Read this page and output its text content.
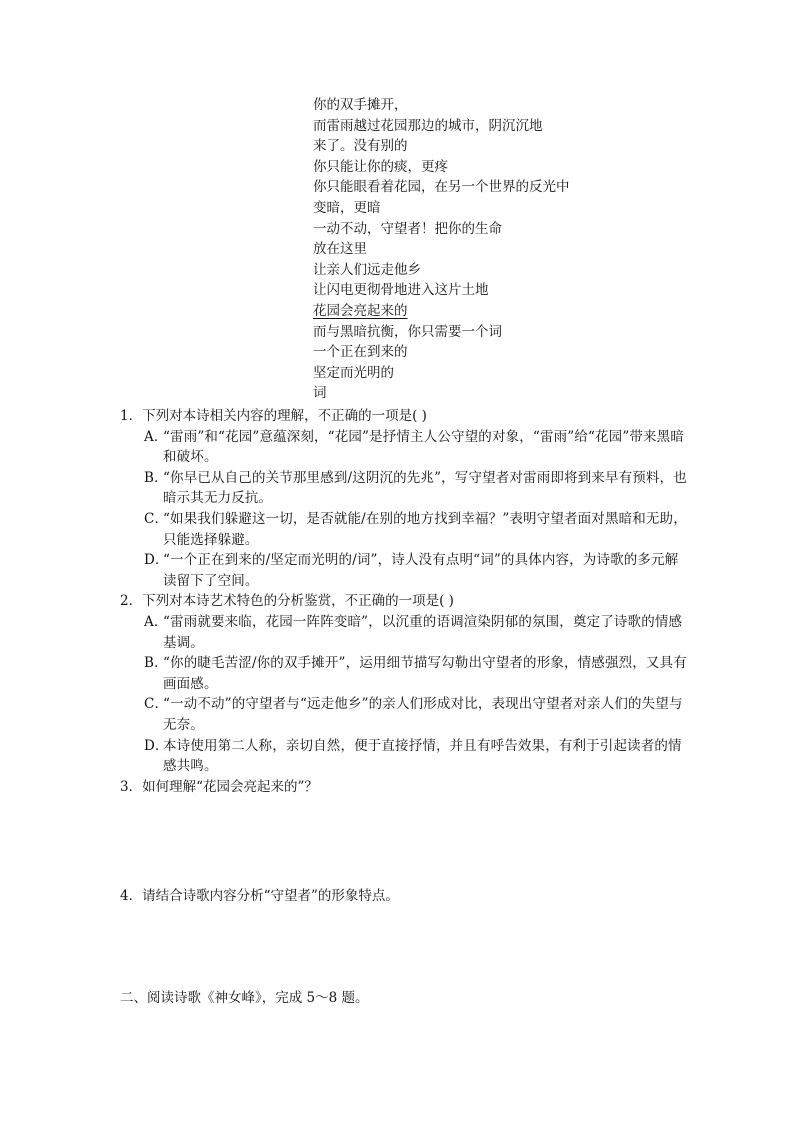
你的双手摊开，
而雷雨越过花园那边的城市，阴沉沉地
来了。没有别的
你只能让你的痰，更疼
你只能眼看着花园，在另一个世界的反光中
变暗，更暗
一动不动，守望者！把你的生命
放在这里
让亲人们远走他乡
让闪电更彻骨地进入这片土地
花园会亮起来的
而与黑暗抗衡，你只需要一个词
一个正在到来的
坚定而光明的
词
1．下列对本诗相关内容的理解，不正确的一项是( )
A．“雷雨”和“花园”意蕴深刻，“花园”是抒情主人公守望的对象，“雷雨”给“花园”带来黑暗和破坏。
B．“你早已从自己的关节那里感到/这阴沉的先兆”，写守望者对雷雨即将到来早有预料，也暗示其无力反抗。
C．“如果我们躲避这一切，是否就能/在别的地方找到幸福？”表明守望者面对黑暗和无助，只能选择躲避。
D．“一个正在到来的/坚定而光明的/词”，诗人没有点明“词”的具体内容，为诗歌的多元解读留下了空间。
2．下列对本诗艺术特色的分析鉴赏，不正确的一项是( )
A．“雷雨就要来临，花园一阵阵变暗”，以沉重的语调渲染阴郁的氛围，奠定了诗歌的情感基调。
B．“你的睫毛苦涩/你的双手摊开”，运用细节描写勾勒出守望者的形象，情感强烈，又具有画面感。
C．“一动不动”的守望者与“远走他乡”的亲人们形成对比，表现出守望者对亲人们的失望与无奈。
D．本诗使用第二人称，亲切自然，便于直接抒情，并且有呼告效果，有利于引起读者的情感共鸣。
3．如何理解“花园会亮起来的”？
4．请结合诗歌内容分析“守望者”的形象特点。
二、阅读诗歌《神女峰》，完成 5～8 题。
